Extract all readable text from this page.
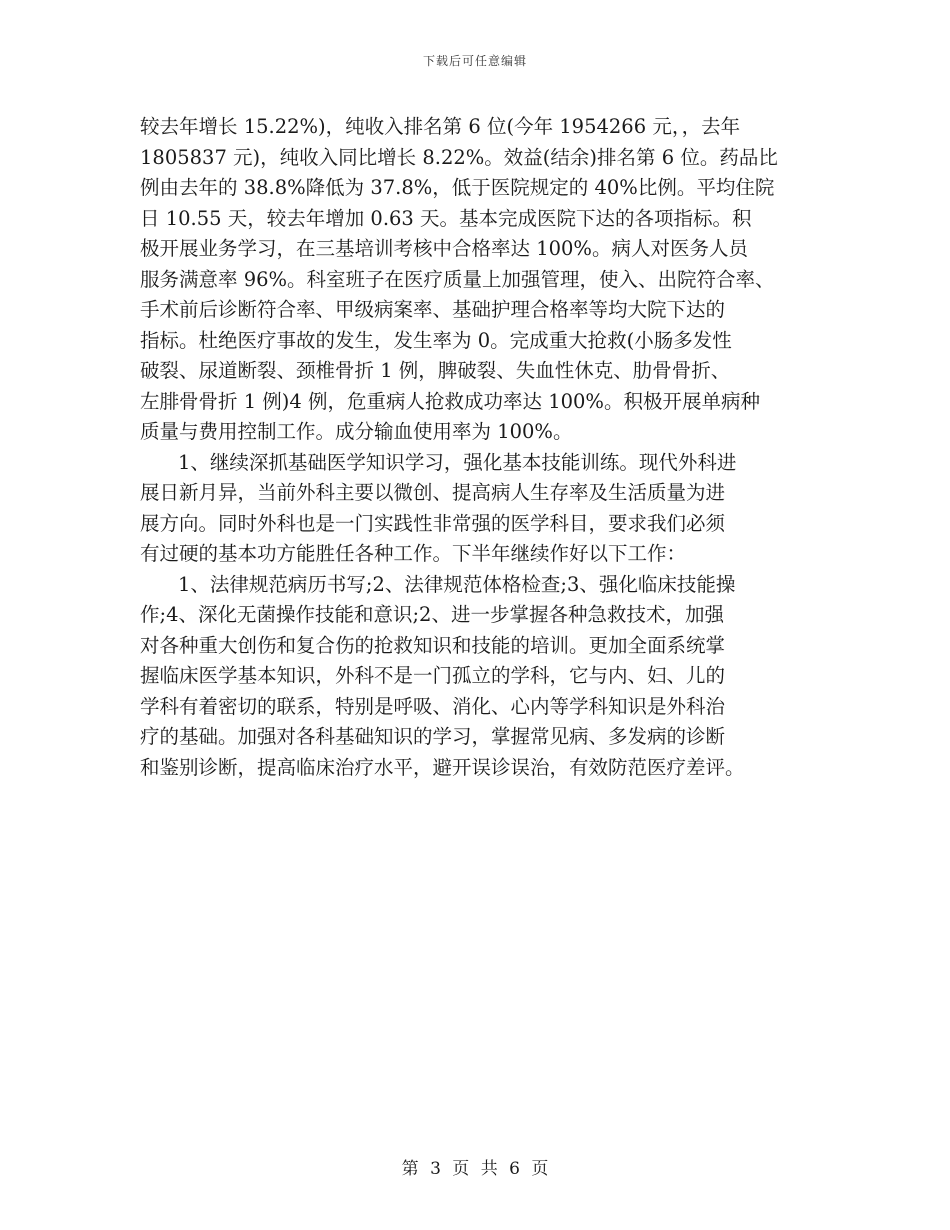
下载后可任意编辑
较去年增长 15.22%)，纯收入排名第 6 位(今年 1954266 元，，去年
1805837 元)，纯收入同比增长 8.22%。效益(结余)排名第 6 位。药品比
例由去年的 38.8%降低为 37.8%，低于医院规定的 40%比例。平均住院
日 10.55 天，较去年增加 0.63 天。基本完成医院下达的各项指标。积
极开展业务学习，在三基培训考核中合格率达 100%。病人对医务人员
服务满意率 96%。科室班子在医疗质量上加强管理，使入、出院符合率、
手术前后诊断符合率、甲级病案率、基础护理合格率等均大院下达的
指标。杜绝医疗事故的发生，发生率为 0。完成重大抢救(小肠多发性
破裂、尿道断裂、颈椎骨折 1 例，脾破裂、失血性休克、肋骨骨折、
左腓骨骨折 1 例)4 例，危重病人抢救成功率达 100%。积极开展单病种
质量与费用控制工作。成分输血使用率为 100%。
1、继续深抓基础医学知识学习，强化基本技能训练。现代外科进
展日新月异，当前外科主要以微创、提高病人生存率及生活质量为进
展方向。同时外科也是一门实践性非常强的医学科目，要求我们必须
有过硬的基本功方能胜任各种工作。下半年继续作好以下工作：
1、法律规范病历书写;2、法律规范体格检查;3、强化临床技能操
作;4、深化无菌操作技能和意识;2、进一步掌握各种急救技术，加强
对各种重大创伤和复合伤的抢救知识和技能的培训。更加全面系统掌
握临床医学基本知识，外科不是一门孤立的学科，它与内、妇、儿的
学科有着密切的联系，特别是呼吸、消化、心内等学科知识是外科治
疗的基础。加强对各科基础知识的学习，掌握常见病、多发病的诊断
和鉴别诊断，提高临床治疗水平，避开误诊误治，有效防范医疗差评。
第 3 页 共 6 页
